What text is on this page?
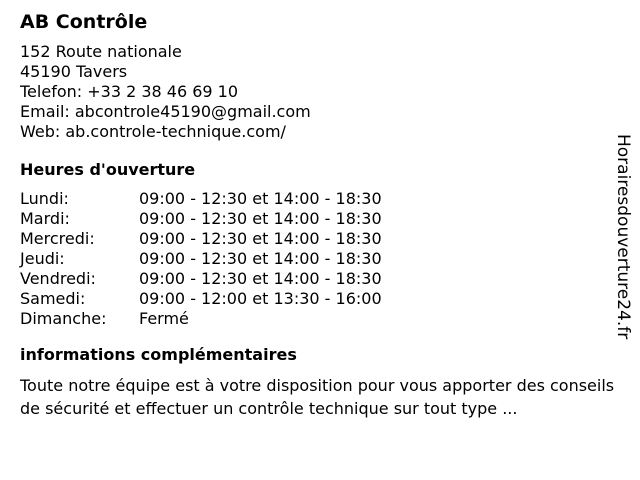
AB Contrôle
152 Route nationale
45190 Tavers
Telefon: +33 2 38 46 69 10
Email: abcontrole45190@gmail.com
Web: ab.controle-technique.com/
Heures d'ouverture
Lundi:	09:00 - 12:30 et 14:00 - 18:30
Mardi:	09:00 - 12:30 et 14:00 - 18:30
Mercredi:	09:00 - 12:30 et 14:00 - 18:30
Jeudi:	09:00 - 12:30 et 14:00 - 18:30
Vendredi:	09:00 - 12:30 et 14:00 - 18:30
Samedi:	09:00 - 12:00 et 13:30 - 16:00
Dimanche:	Fermé
informations complémentaires
Toute notre équipe est à votre disposition pour vous apporter des conseils de sécurité et effectuer un contrôle technique sur tout type ...
Horairesdouverture24.fr
